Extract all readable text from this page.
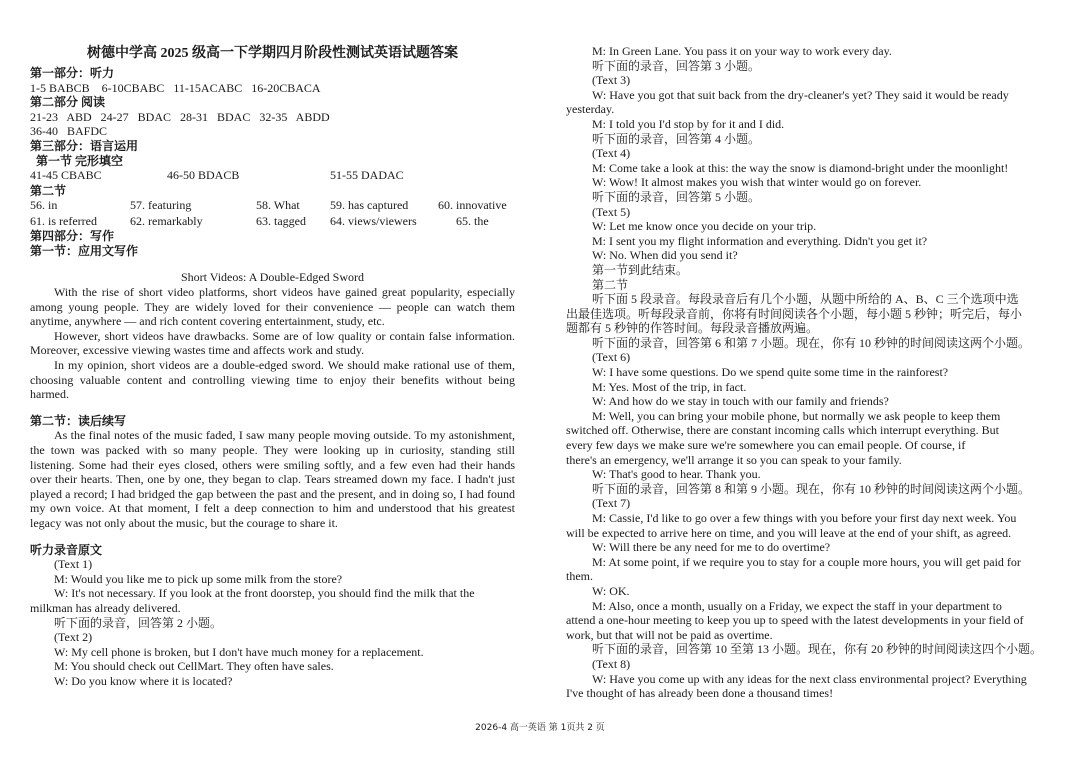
树德中学高 2025 级高一下学期四月阶段性测试英语试题答案
第一部分：听力
1-5 BABCB    6-10CBABC   11-15ACABC   16-20CBACA
第二部分 阅读
21-23   ABD   24-27   BDAC   28-31   BDAC   32-35   ABDD
36-40   BAFDC
第三部分：语言运用
第一节 完形填空
41-45 CBABC	46-50 BDACB	51-55 DADAC
第二节
56. in	57. featuring	58. What	59. has captured	60. innovative
61. is referred	62. remarkably	63. tagged	64. views/viewers	65. the
第四部分：写作
第一节：应用文写作
Short Videos: A Double-Edged Sword
With the rise of short video platforms, short videos have gained great popularity, especially among young people. They are widely loved for their convenience — people can watch them anytime, anywhere — and rich content covering entertainment, study, etc.
However, short videos have drawbacks. Some are of low quality or contain false information. Moreover, excessive viewing wastes time and affects work and study.
In my opinion, short videos are a double-edged sword. We should make rational use of them, choosing valuable content and controlling viewing time to enjoy their benefits without being harmed.
第二节：读后续写
As the final notes of the music faded, I saw many people moving outside. To my astonishment, the town was packed with so many people. They were looking up in curiosity, standing still listening. Some had their eyes closed, others were smiling softly, and a few even had their hands over their hearts. Then, one by one, they began to clap. Tears streamed down my face. I hadn't just played a record; I had bridged the gap between the past and the present, and in doing so, I had found my own voice. At that moment, I felt a deep connection to him and understood that his greatest legacy was not only about the music, but the courage to share it.
听力录音原文
(Text 1)
M: Would you like me to pick up some milk from the store?
W: It's not necessary. If you look at the front doorstep, you should find the milk that the
milkman has already delivered.
听下面的录音，回答第 2 小题。
(Text 2)
W: My cell phone is broken, but I don't have much money for a replacement.
M: You should check out CellMart. They often have sales.
W: Do you know where it is located?
M: In Green Lane. You pass it on your way to work every day.
听下面的录音，回答第 3 小题。
(Text 3)
W: Have you got that suit back from the dry-cleaner's yet? They said it would be ready
yesterday.
M: I told you I'd stop by for it and I did.
听下面的录音，回答第 4 小题。
(Text 4)
M: Come take a look at this: the way the snow is diamond-bright under the moonlight!
W: Wow! It almost makes you wish that winter would go on forever.
听下面的录音，回答第 5 小题。
(Text 5)
W: Let me know once you decide on your trip.
M: I sent you my flight information and everything. Didn't you get it?
W: No. When did you send it?
第一节到此结束。
第二节
听下面 5 段录音。每段录音后有几个小题，从题中所给的 A、B、C 三个选项中选
出最佳选项。听每段录音前，你将有时间阅读各个小题，每小题 5 秒钟；听完后，每小
题都有 5 秒钟的作答时间。每段录音播放两遍。
听下面的录音，回答第 6 和第 7 小题。现在，你有 10 秒钟的时间阅读这两个小题。
(Text 6)
W: I have some questions. Do we spend quite some time in the rainforest?
M: Yes. Most of the trip, in fact.
W: And how do we stay in touch with our family and friends?
M: Well, you can bring your mobile phone, but normally we ask people to keep them
switched off. Otherwise, there are constant incoming calls which interrupt everything. But
every few days we make sure we're somewhere you can email people. Of course, if
there's an emergency, we'll arrange it so you can speak to your family.
W: That's good to hear. Thank you.
听下面的录音，回答第 8 和第 9 小题。现在，你有 10 秒钟的时间阅读这两个小题。
(Text 7)
M: Cassie, I'd like to go over a few things with you before your first day next week. You
will be expected to arrive here on time, and you will leave at the end of your shift, as agreed.
W: Will there be any need for me to do overtime?
M: At some point, if we require you to stay for a couple more hours, you will get paid for
them.
W: OK.
M: Also, once a month, usually on a Friday, we expect the staff in your department to
attend a one-hour meeting to keep you up to speed with the latest developments in your field of
work, but that will not be paid as overtime.
听下面的录音，回答第 10 至第 13 小题。现在，你有 20 秒钟的时间阅读这四个小题。
(Text 8)
W: Have you come up with any ideas for the next class environmental project? Everything
I've thought of has already been done a thousand times!
2026-4 高一英语 第 1页共 2 页
